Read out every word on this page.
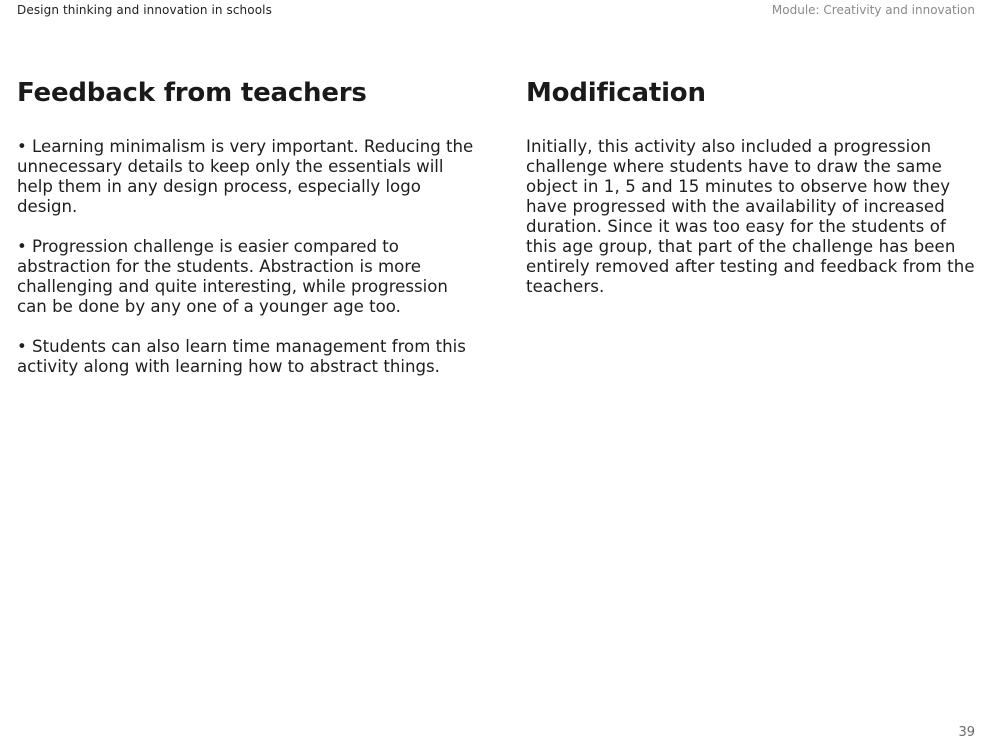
Design thinking and innovation in schools	Module: Creativity and innovation
Feedback from teachers

• Learning minimalism is very important. Reducing the unnecessary details to keep only the essentials will help them in any design process, especially logo design.

• Progression challenge is easier compared to abstraction for the students. Abstraction is more challenging and quite interesting, while progression can be done by any one of a younger age too.

• Students can also learn time management from this activity along with learning how to abstract things.

Modification

Initially, this activity also included a progression challenge where students have to draw the same object in 1, 5 and 15 minutes to observe how they have progressed with the availability of increased duration. Since it was too easy for the students of this age group, that part of the challenge has been entirely removed after testing and feedback from the teachers.

39
